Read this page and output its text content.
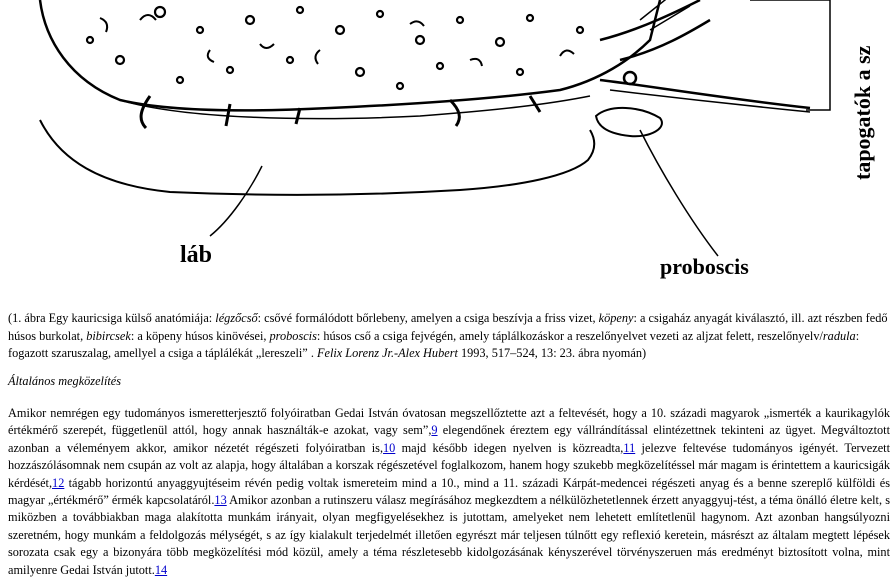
láb	proboscis
tapogatók a sz
(1. ábra Egy kauricsiga külső anatómiája: légzőcső: csővé formálódott bőrlebeny, amelyen a csiga beszívja a friss vizet, köpeny: a csigaház anyagát kiválasztó, ill. azt részben fedő húsos burkolat, bibircsek: a köpeny húsos kinövései, proboscis: húsos cső a csiga fejvégén, amely táplálkozáskor a reszelőnyelvet vezeti az aljzat felett, reszelőnyelv/radula: fogazott szaruszalag, amellyel a csiga a táplálékát „lereszeli” . Felix Lorenz Jr.-Alex Hubert 1993, 517–524, 13: 23. ábra nyomán)
Általános megközelítés
Amikor nemrégen egy tudományos ismeretterjesztő folyóiratban Gedai István óvatosan megszellőztette azt a feltevését, hogy a 10. századi magyarok „ismerték a kaurikagylók értékmérő szerepét, függetlenül attól, hogy annak használták-e azokat, vagy sem”,9 elegendőnek éreztem egy vállrándítással elintézettnek tekinteni az ügyet. Megváltoztott azonban a véleményem akkor, amikor nézetét régészeti folyóiratban is,10 majd később idegen nyelven is közreadta,11 jelezve feltevése tudományos igényét. Tervezett hozzászólásomnak nem csupán az volt az alapja, hogy általában a korszak régészetével foglalkozom, hanem hogy szukebb megközelítéssel már magam is érintettem a kauricsigák kérdését,12 tágabb horizontú anyaggyujtéseim révén pedig voltak ismereteim mind a 10., mind a 11. századi Kárpát-medencei régészeti anyag és a benne szereplő külföldi és magyar „értékmérő” érmék kapcsolatáról.13 Amikor azonban a rutinszeru válasz megírásához megkezdtem a nélkülözhetetlennek érzett anyaggyuj-tést, a téma önálló életre kelt, s miközben a továbbiakban maga alakította munkám irányait, olyan megfigyelésekhez is jutottam, amelyeket nem lehetett említetlenül hagynom. Azt azonban hangsúlyozni szeretném, hogy munkám a feldolgozás mélységét, s az így kialakult terjedelmét illetően egyrészt már teljesen túlnőtt egy reflexió keretein, másrészt az általam megtett lépések sorozata csak egy a bizonyára több megközelítési mód közül, amely a téma részletesebb kidolgozásának kényszerével törvényszeruen más eredményt biztosított volna, mint amilyenre Gedai István jutott.14
